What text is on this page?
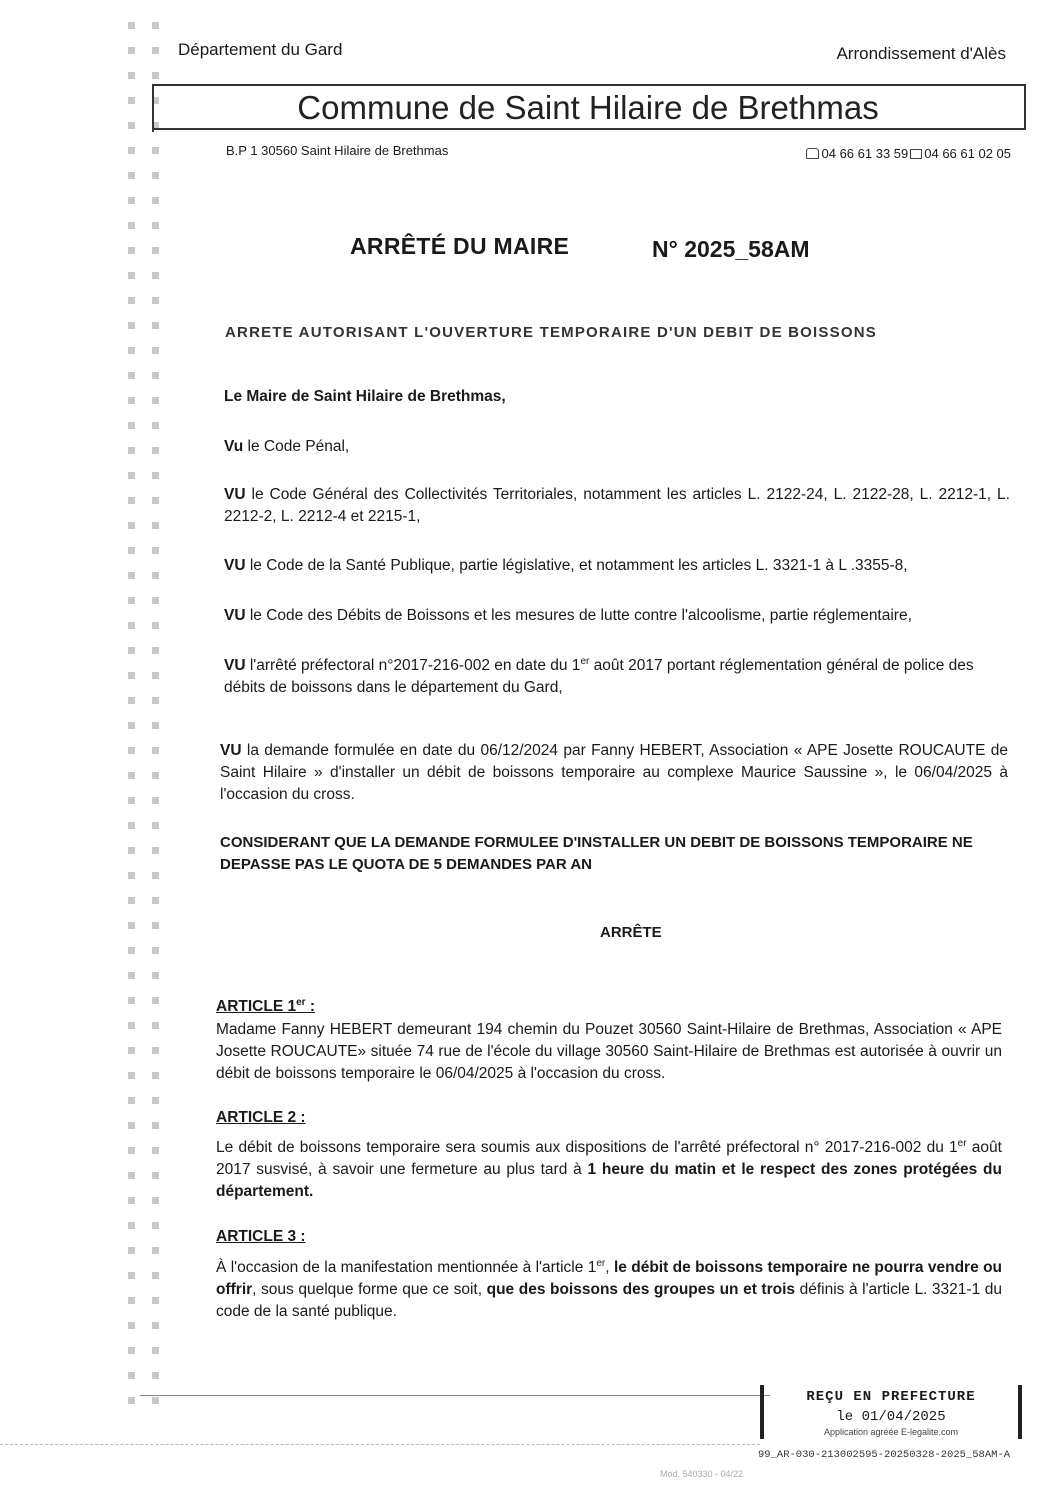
Département du Gard	Arrondissement d'Alès
Commune de Saint Hilaire de Brethmas
B.P 1 30560 Saint Hilaire de Brethmas	04 66 61 33 59 04 66 61 02 05
ARRÊTÉ DU MAIRE	N° 2025_58AM
ARRETE AUTORISANT L'OUVERTURE TEMPORAIRE D'UN DEBIT DE BOISSONS
Le Maire de Saint Hilaire de Brethmas,
Vu le Code Pénal,
VU le Code Général des Collectivités Territoriales, notamment les articles L. 2122-24, L. 2122-28, L. 2212-1, L. 2212-2, L. 2212-4 et 2215-1,
VU le Code de la Santé Publique, partie législative, et notamment les articles L. 3321-1 à L .3355-8,
VU le Code des Débits de Boissons et les mesures de lutte contre l'alcoolisme, partie réglementaire,
VU l'arrêté préfectoral n°2017-216-002 en date du 1er août 2017 portant réglementation général de police des débits de boissons dans le département du Gard,
VU la demande formulée en date du 06/12/2024 par Fanny HEBERT, Association « APE Josette ROUCAUTE de Saint Hilaire » d'installer un débit de boissons temporaire au complexe Maurice Saussine », le 06/04/2025 à l'occasion du cross.
CONSIDERANT QUE LA DEMANDE FORMULEE D'INSTALLER UN DEBIT DE BOISSONS TEMPORAIRE NE DEPASSE PAS LE QUOTA DE 5 DEMANDES PAR AN
ARRÊTE
ARTICLE 1er :
Madame Fanny HEBERT demeurant 194 chemin du Pouzet 30560 Saint-Hilaire de Brethmas, Association « APE Josette ROUCAUTE» située 74 rue de l'école du village 30560 Saint-Hilaire de Brethmas est autorisée à ouvrir un débit de boissons temporaire le 06/04/2025 à l'occasion du cross.
ARTICLE 2 :
Le débit de boissons temporaire sera soumis aux dispositions de l'arrêté préfectoral n° 2017-216-002 du 1er août 2017 susvisé, à savoir une fermeture au plus tard à 1 heure du matin et le respect des zones protégées du département.
ARTICLE 3 :
À l'occasion de la manifestation mentionnée à l'article 1er, le débit de boissons temporaire ne pourra vendre ou offrir, sous quelque forme que ce soit, que des boissons des groupes un et trois définis à l'article L. 3321-1 du code de la santé publique.
REÇU EN PREFECTURE
le 01/04/2025
Application agréée E-legalite.com
99_AR-030-213002595-20250328-2025_58AM-A
Mod. 540330 - 04/22
